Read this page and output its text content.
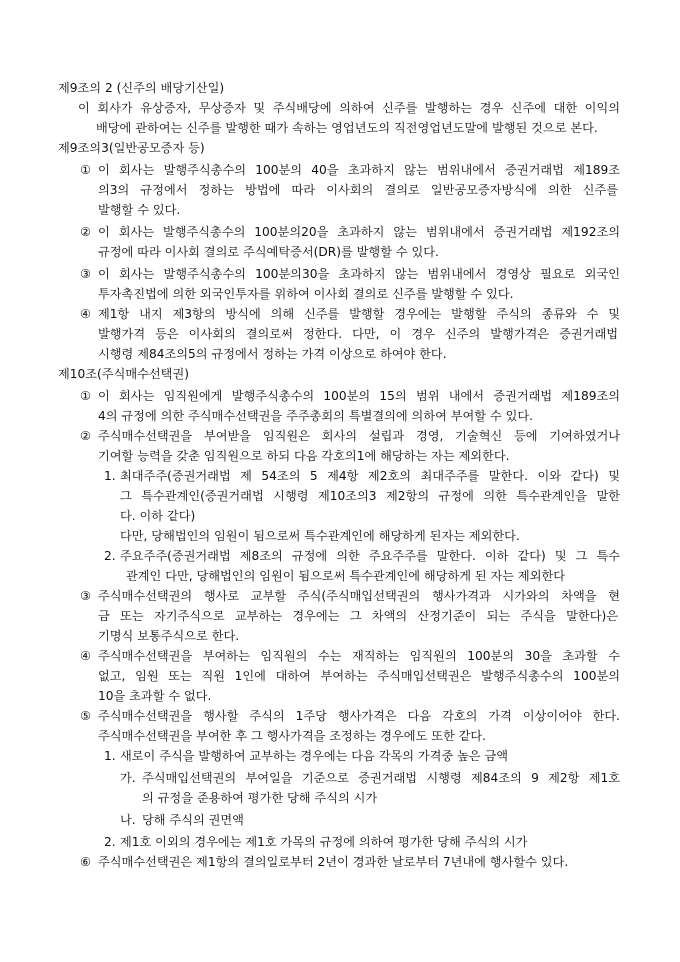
제9조의 2 (신주의 배당기산일)
이 회사가 유상증자, 무상증자 및 주식배당에 의하여 신주를 발행하는 경우 신주에 대한 이익의
배당에 관하여는 신주를 발행한 때가 속하는 영업년도의 직전영업년도말에 발행된 것으로 본다.
제9조의3(일반공모증자 등)
① 이 회사는 발행주식총수의 100분의 40을 초과하지 않는 범위내에서 증권거래법 제189조
의3의 규정에서 정하는 방법에 따라 이사회의 결의로 일반공모증자방식에 의한 신주를
발행할 수 있다.
② 이 회사는 발행주식총수의 100분의20을 초과하지 않는 범위내에서 증권거래법 제192조의
규정에 따라 이사회 결의로 주식예탁증서(DR)를 발행할 수 있다.
③ 이 회사는 발행주식총수의 100분의30을 초과하지 않는 범위내에서 경영상 필요로 외국인
투자촉진법에 의한 외국인투자를 위하여 이사회 결의로 신주를 발행할 수 있다.
④ 제1항 내지 제3항의 방식에 의해 신주를 발행할 경우에는 발행할 주식의 종류와 수 및
발행가격 등은 이사회의 결의로써 정한다. 다만, 이 경우 신주의 발행가격은 증권거래법
시행령 제84조의5의 규정에서 정하는 가격 이상으로 하여야 한다.
제10조(주식매수선택권)
① 이 회사는 임직원에게 발행주식총수의 100분의 15의 범위 내에서 증권거래법 제189조의
4의 규정에 의한 주식매수선택권을 주주총회의 특별결의에 의하여 부여할 수 있다.
② 주식매수선택권을 부여받을 임직원은 회사의 설립과 경영, 기술혁신 등에 기여하였거나
기여할 능력을 갖춘 임직원으로 하되 다음 각호의1에 해당하는 자는 제외한다.
1. 최대주주(증권거래법 제 54조의 5 제4항 제2호의 최대주주를 말한다. 이와 같다) 및
그 특수관계인(증권거래법 시행령 제10조의3 제2항의 규정에 의한 특수관계인을 말한
다. 이하 같다)
다만, 당해법인의 임원이 됨으로써 특수관계인에 해당하게 된자는 제외한다.
2. 주요주주(증권거래법 제8조의 규정에 의한 주요주주를 말한다. 이하 같다) 및 그 특수
관계인 다만, 당해법인의 임원이 됨으로써 특수관계인에 해당하게 된 자는 제외한다
③ 주식매수선택권의 행사로 교부할 주식(주식매입선택권의 행사가격과 시가와의 차액을 현
금 또는 자기주식으로 교부하는 경우에는 그 차액의 산정기준이 되는 주식을 말한다)은
기명식 보통주식으로 한다.
④ 주식매수선택권을 부여하는 임직원의 수는 재직하는 임직원의 100분의 30을 초과할 수
없고, 임원 또는 직원 1인에 대하여 부여하는 주식매입선택권은 발행주식총수의 100분의
10을 초과할 수 없다.
⑤ 주식매수선택권을 행사할 주식의 1주당 행사가격은 다음 각호의 가격 이상이어야 한다.
주식매수선택권을 부여한 후 그 행사가격을 조정하는 경우에도 또한 같다.
1. 새로이 주식을 발행하여 교부하는 경우에는 다음 각목의 가격중 높은 금액
가. 주식매입선택권의 부여일을 기준으로 증권거래법 시행령 제84조의 9 제2항 제1호
의 규정을 준용하여 평가한 당해 주식의 시가
나. 당해 주식의 권면액
2. 제1호 이외의 경우에는 제1호 가목의 규정에 의하여 평가한 당해 주식의 시가
⑥ 주식매수선택권은 제1항의 결의일로부터 2년이 경과한 날로부터 7년내에 행사할수 있다.
